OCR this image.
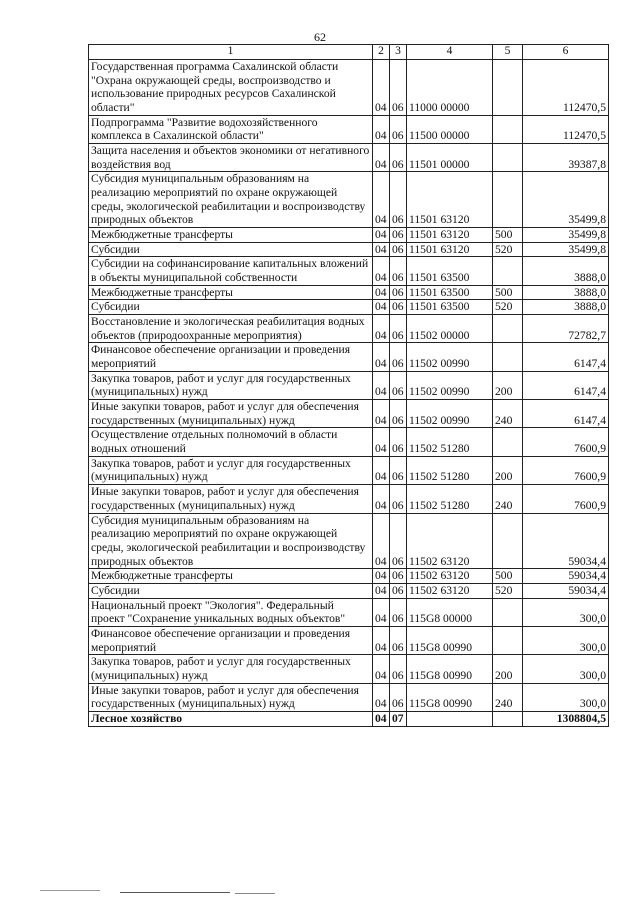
62
1	2	3	4	5	6
Государственная программа Сахалинской области "Охрана окружающей среды, воспроизводство и использование природных ресурсов Сахалинской области"	04	06	11000 00000		112470,5
Подпрограмма "Развитие водохозяйственного комплекса в Сахалинской области"	04	06	11500 00000		112470,5
Защита населения и объектов экономики от негативного воздействия вод	04	06	11501 00000		39387,8
Субсидия муниципальным образованиям на реализацию мероприятий по охране окружающей среды, экологической реабилитации и воспроизводству природных объектов	04	06	11501 63120		35499,8
Межбюджетные трансферты	04	06	11501 63120	500	35499,8
Субсидии	04	06	11501 63120	520	35499,8
Субсидии на софинансирование капитальных вложений в объекты муниципальной собственности	04	06	11501 63500		3888,0
Межбюджетные трансферты	04	06	11501 63500	500	3888,0
Субсидии	04	06	11501 63500	520	3888,0
Восстановление и экологическая реабилитация водных объектов (природоохранные мероприятия)	04	06	11502 00000		72782,7
Финансовое обеспечение организации и проведения мероприятий	04	06	11502 00990		6147,4
Закупка товаров, работ и услуг для государственных (муниципальных) нужд	04	06	11502 00990	200	6147,4
Иные закупки товаров, работ и услуг для обеспечения государственных (муниципальных) нужд	04	06	11502 00990	240	6147,4
Осуществление отдельных полномочий в области водных отношений	04	06	11502 51280		7600,9
Закупка товаров, работ и услуг для государственных (муниципальных) нужд	04	06	11502 51280	200	7600,9
Иные закупки товаров, работ и услуг для обеспечения государственных (муниципальных) нужд	04	06	11502 51280	240	7600,9
Субсидия муниципальным образованиям на реализацию мероприятий по охране окружающей среды, экологической реабилитации и воспроизводству природных объектов	04	06	11502 63120		59034,4
Межбюджетные трансферты	04	06	11502 63120	500	59034,4
Субсидии	04	06	11502 63120	520	59034,4
Национальный проект "Экология". Федеральный проект "Сохранение уникальных водных объектов"	04	06	115G8 00000		300,0
Финансовое обеспечение организации и проведения мероприятий	04	06	115G8 00990		300,0
Закупка товаров, работ и услуг для государственных (муниципальных) нужд	04	06	115G8 00990	200	300,0
Иные закупки товаров, работ и услуг для обеспечения государственных (муниципальных) нужд	04	06	115G8 00990	240	300,0
Лесное хозяйство	04	07			1308804,5
